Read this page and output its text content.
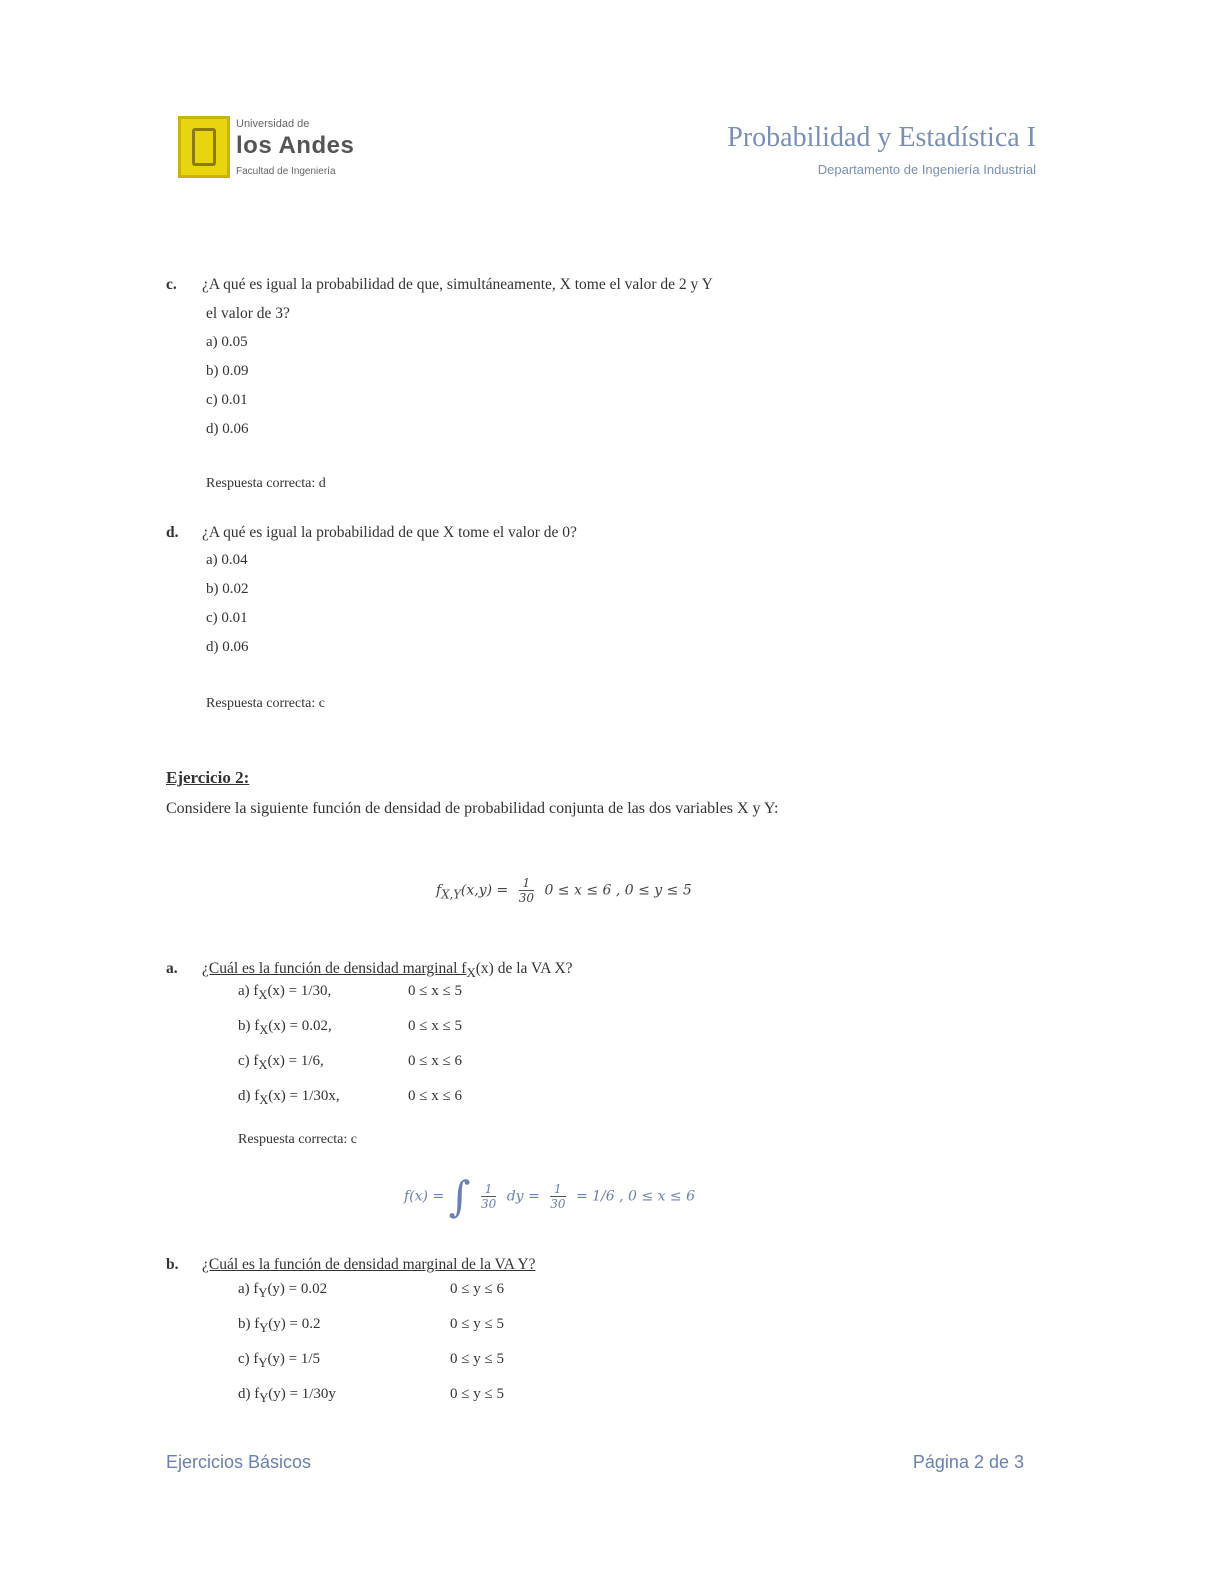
Universidad de
los Andes
Facultad de Ingeniería
Probabilidad y Estadística I
Departamento de Ingeniería Industrial
c. ¿A qué es igual la probabilidad de que, simultáneamente, X tome el valor de 2 y Y
el valor de 3?
a) 0.05
b) 0.09
c) 0.01
d) 0.06
Respuesta correcta: d
d. ¿A qué es igual la probabilidad de que X tome el valor de 0?
a) 0.04
b) 0.02
c) 0.01
d) 0.06
Respuesta correcta: c
Ejercicio 2:
Considere la siguiente función de densidad de probabilidad conjunta de las dos variables X y Y:
$f_{X,Y}(x,y) = \frac{1}{30} 0 \le x \le 6$ , 0 ≤ y ≤ 5
a. ¿Cuál es la función de densidad marginal $f_X(x)$ de la VA X?
a) $f_X(x) = 1/30$,	0 ≤ x ≤ 5
b) $f_X(x) = 0.02$,	0 ≤ x ≤ 5
c) $f_X(x) = 1/6$,	0 ≤ x ≤ 6
d) $f_X(x) = 1/30x$,	0 ≤ x ≤ 6
Respuesta correcta: c
f(x) = ∫ $\frac{1}{30}$ dy = $\frac{1}{30} = 1/6$ , 0 ≤ x ≤ 6
b. ¿Cuál es la función de densidad marginal de la VA Y?
a) $f_Y(y) = 0.02$	0 ≤ y ≤ 6
b) $f_Y(y) = 0.2$	0 ≤ y ≤ 5
c) $f_Y(y) = 1/5$	0 ≤ y ≤ 5
d) $f_Y(y) = 1/30y$	0 ≤ y ≤ 5
Ejercicios Básicos	Página 2 de 3
